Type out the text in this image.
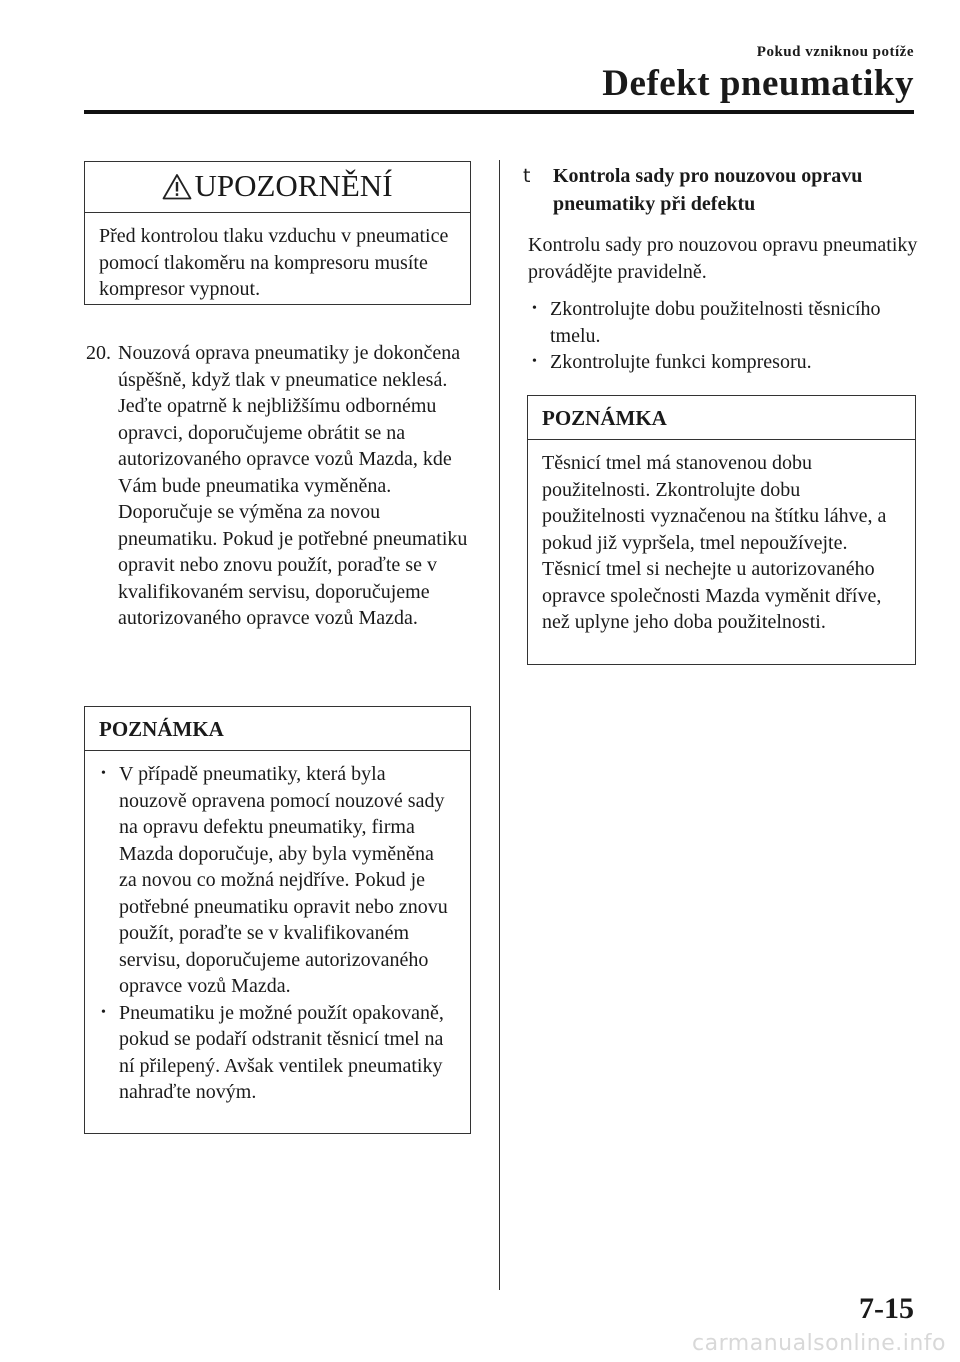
Pokud vzniknou potíže
Defekt pneumatiky
UPOZORNĚNÍ
Před kontrolou tlaku vzduchu v pneumatice pomocí tlakoměru na kompresoru musíte kompresor vypnout.
20. Nouzová oprava pneumatiky je dokončena úspěšně, když tlak v pneumatice neklesá. Jeďte opatrně k nejbližšímu odbornému opravci, doporučujeme obrátit se na autorizovaného opravce vozů Mazda, kde Vám bude pneumatika vyměněna. Doporučuje se výměna za novou pneumatiku. Pokud je potřebné pneumatiku opravit nebo znovu použít, poraďte se v kvalifikovaném servisu, doporučujeme autorizovaného opravce vozů Mazda.
POZNÁMKA
• V případě pneumatiky, která byla nouzově opravena pomocí nouzové sady na opravu defektu pneumatiky, firma Mazda doporučuje, aby byla vyměněna za novou co možná nejdříve. Pokud je potřebné pneumatiku opravit nebo znovu použít, poraďte se v kvalifikovaném servisu, doporučujeme autorizovaného opravce vozů Mazda.
• Pneumatiku je možné použít opakovaně, pokud se podaří odstranit těsnicí tmel na ní přilepený. Avšak ventilek pneumatiky nahraďte novým.
t	Kontrola sady pro nouzovou opravu pneumatiky při defektu
Kontrolu sady pro nouzovou opravu pneumatiky provádějte pravidelně.
• Zkontrolujte dobu použitelnosti těsnicího tmelu.
• Zkontrolujte funkci kompresoru.
POZNÁMKA
Těsnicí tmel má stanovenou dobu použitelnosti. Zkontrolujte dobu použitelnosti vyznačenou na štítku láhve, a pokud již vypršela, tmel nepoužívejte. Těsnicí tmel si nechejte u autorizovaného opravce společnosti Mazda vyměnit dříve, než uplyne jeho doba použitelnosti.
7-15
carmanualsonline.info
